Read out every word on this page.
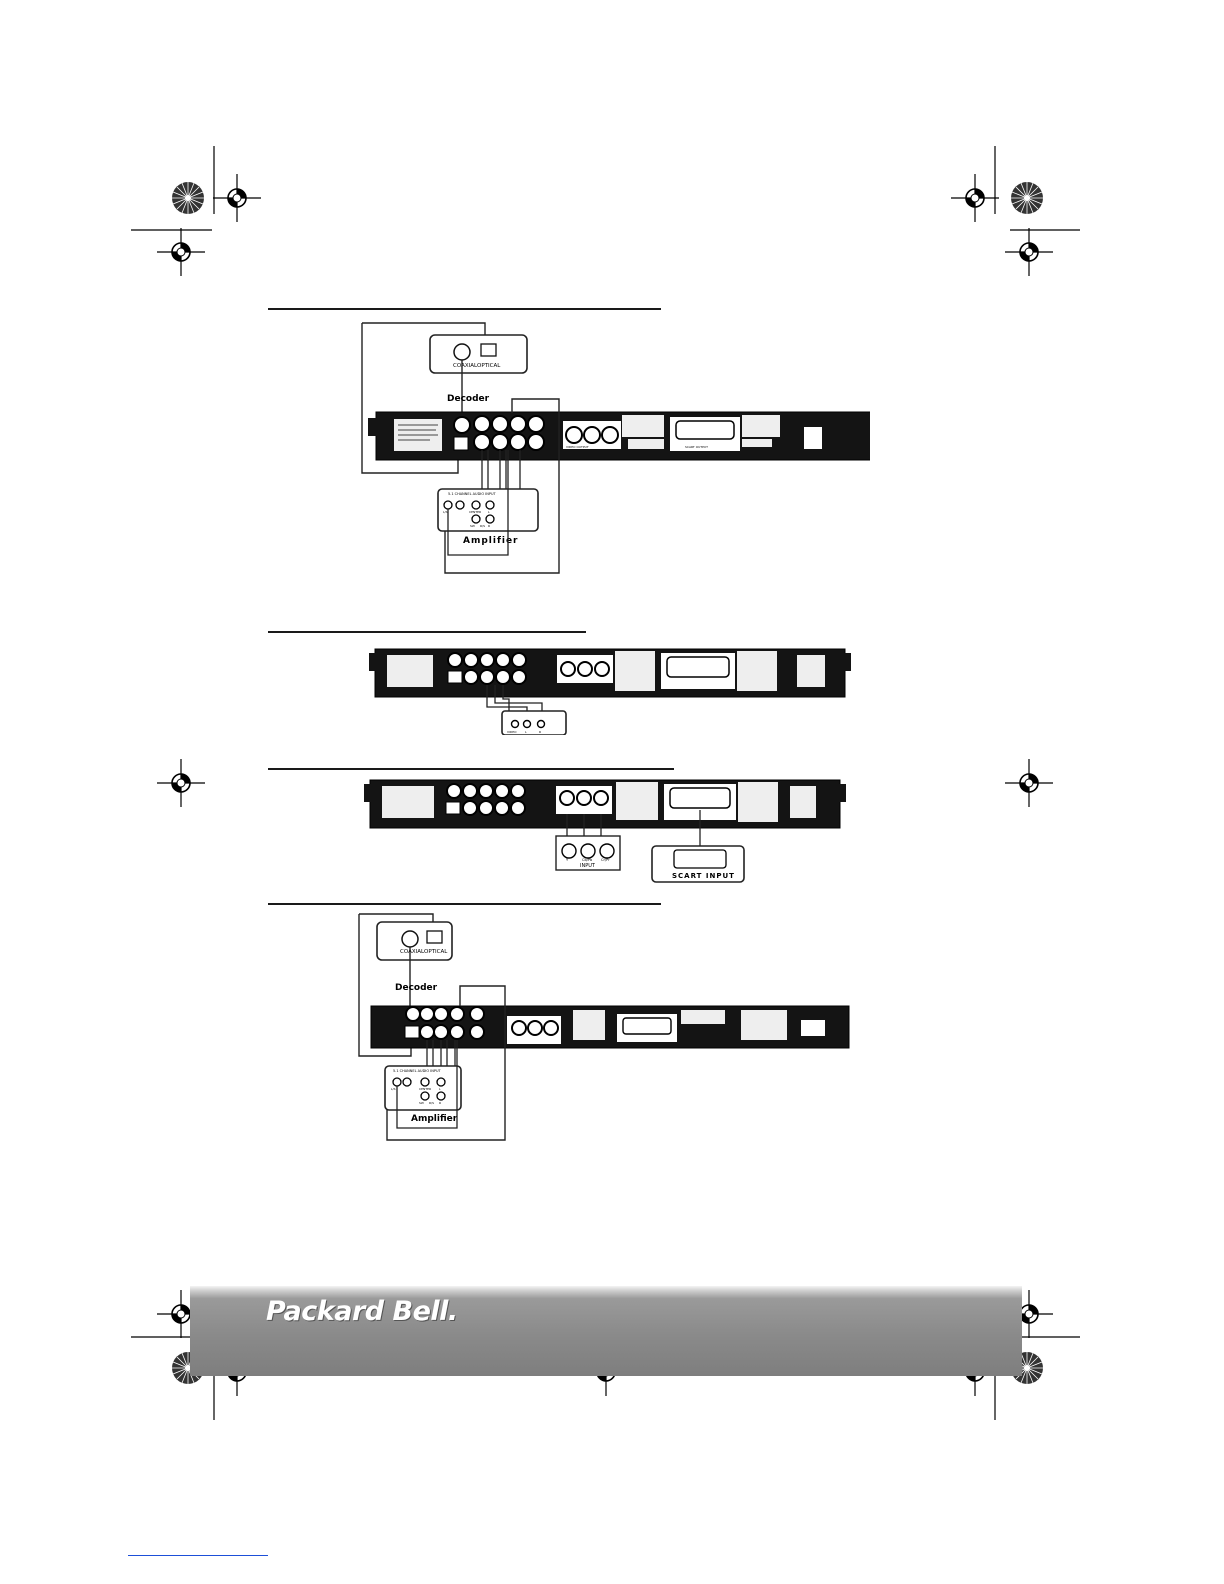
COAXIAL OPTICAL
Decoder
VIDEO OUTPUT	SCART OUTPUT
5.1 CHANNEL AUDIO INPUT
L/S	CENTER L
SW R/S R
Amplifier
VIDEO	L	R
Y	Cb/Pb	Cr/Pr
INPUT
SCART INPUT
COAXIAL OPTICAL
Decoder
5.1 CHANNEL AUDIO INPUT
L/S	CENTER	L
SW R/S R
Amplifier
Packard Bell.
